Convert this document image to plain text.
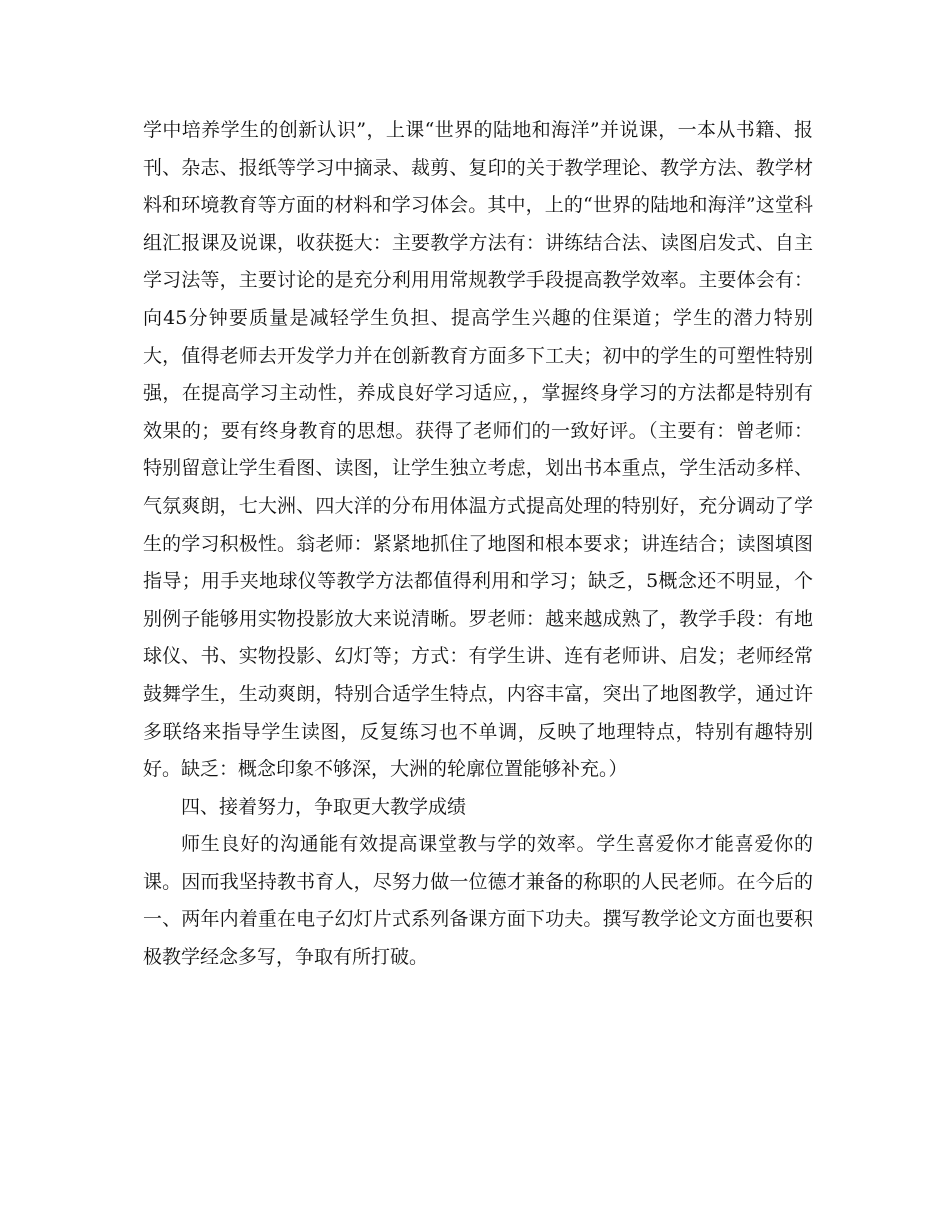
学中培养学生的创新认识”，上课“世界的陆地和海洋”并说课，一本从书籍、报刊、杂志、报纸等学习中摘录、裁剪、复印的关于教学理论、教学方法、教学材料和环境教育等方面的材料和学习体会。其中，上的“世界的陆地和海洋”这堂科组汇报课及说课，收获挺大：主要教学方法有：讲练结合法、读图启发式、自主学习法等，主要讨论的是充分利用用常规教学手段提高教学效率。主要体会有：向45分钟要质量是减轻学生负担、提高学生兴趣的住渠道；学生的潜力特别大，值得老师去开发学力并在创新教育方面多下工夫；初中的学生的可塑性特别强，在提高学习主动性，养成良好学习适应，，掌握终身学习的方法都是特别有效果的；要有终身教育的思想。获得了老师们的一致好评。（主要有：曾老师：特别留意让学生看图、读图，让学生独立考虑，划出书本重点，学生活动多样、气氛爽朗，七大洲、四大洋的分布用体温方式提高处理的特别好，充分调动了学生的学习积极性。翁老师：紧紧地抓住了地图和根本要求；讲连结合；读图填图指导；用手夹地球仪等教学方法都值得利用和学习；缺乏，5概念还不明显，个别例子能够用实物投影放大来说清晰。罗老师：越来越成熟了，教学手段：有地球仪、书、实物投影、幻灯等；方式：有学生讲、连有老师讲、启发；老师经常鼓舞学生，生动爽朗，特别合适学生特点，内容丰富，突出了地图教学，通过许多联络来指导学生读图，反复练习也不单调，反映了地理特点，特别有趣特别好。缺乏：概念印象不够深，大洲的轮廓位置能够补充。）

四、接着努力，争取更大教学成绩

师生良好的沟通能有效提高课堂教与学的效率。学生喜爱你才能喜爱你的课。因而我坚持教书育人，尽努力做一位德才兼备的称职的人民老师。在今后的一、两年内着重在电子幻灯片式系列备课方面下功夫。撰写教学论文方面也要积极教学经念多写，争取有所打破。
